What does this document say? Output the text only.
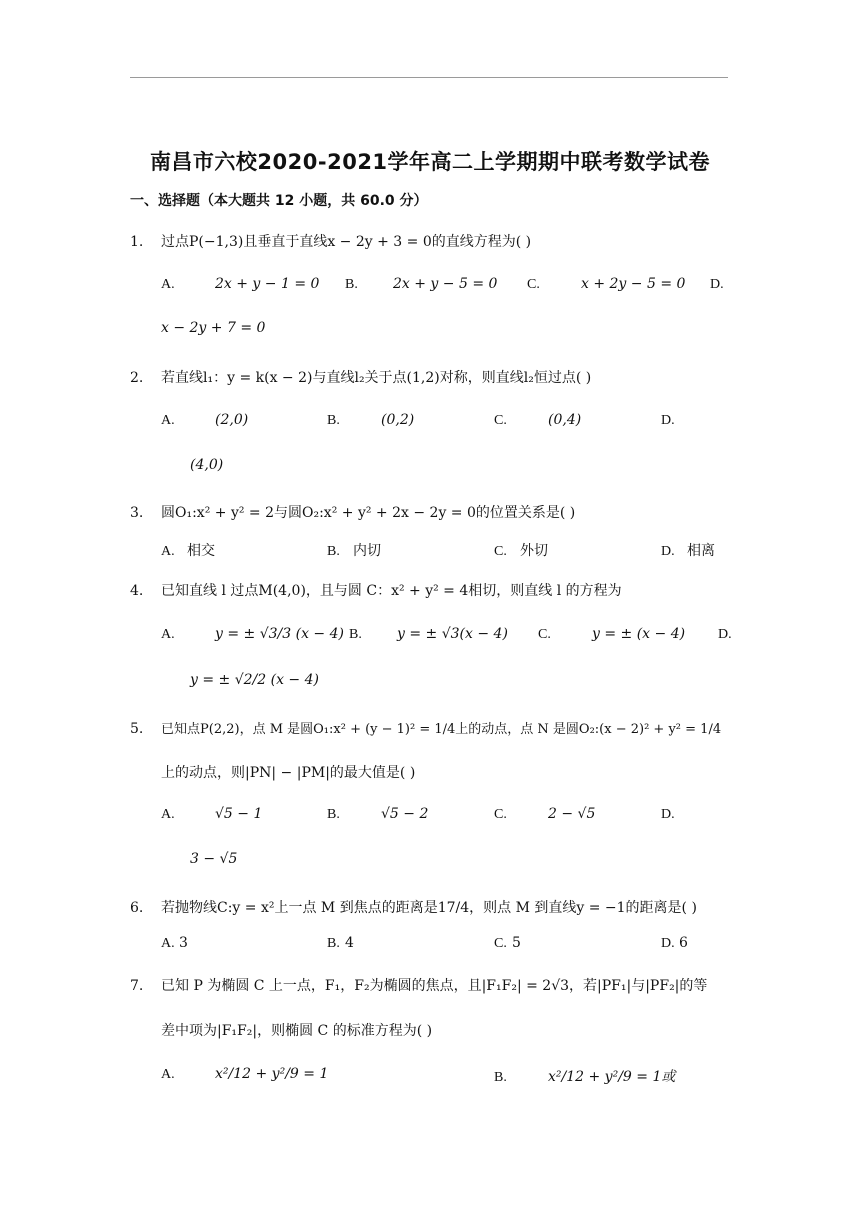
南昌市六校2020-2021学年高二上学期期中联考数学试卷
一、选择题（本大题共 12 小题，共 60.0 分）
1. 过点P(−1,3)且垂直于直线x − 2y + 3 = 0的直线方程为( )
A.	2x + y − 1 = 0 B.	2x + y − 5 = 0 C.	x + 2y − 5 = 0 D.
x − 2y + 7 = 0
2. 若直线l₁：y = k(x − 2)与直线l₂关于点(1,2)对称，则直线l₂恒过点( )
A.	(2,0)	B.	(0,2)	C.	(0,4)	D.
(4,0)
3. 圆O₁:x² + y² = 2与圆O₂:x² + y² + 2x − 2y = 0的位置关系是( )
A. 相交	B. 内切	C. 外切	D. 相离
4. 已知直线 l 过点M(4,0)，且与圆 C：x² + y² = 4相切，则直线 l 的方程为
A.	y = ± √3/3 (x − 4) B.	y = ± √3(x − 4) C.	y = ± (x − 4) D.
y = ± √2/2 (x − 4)
5. 已知点P(2,2)，点 M 是圆O₁:x² + (y − 1)² = 1/4上的动点，点 N 是圆O₂:(x − 2)² + y² = 1/4
上的动点，则|PN| − |PM|的最大值是( )
A.	√5 − 1	B.	√5 − 2	C.	2 − √5	D.
3 − √5
6. 若抛物线C:y = x²上一点 M 到焦点的距离是17/4，则点 M 到直线y = −1的距离是( )
A. 3	B. 4	C. 5	D. 6
7. 已知 P 为椭圆 C 上一点，F₁，F₂为椭圆的焦点，且|F₁F₂| = 2√3，若|PF₁|与|PF₂|的等
差中项为|F₁F₂|，则椭圆 C 的标准方程为( )
A.	x²/12 + y²/9 = 1	B.	x²/12 + y²/9 = 1或
